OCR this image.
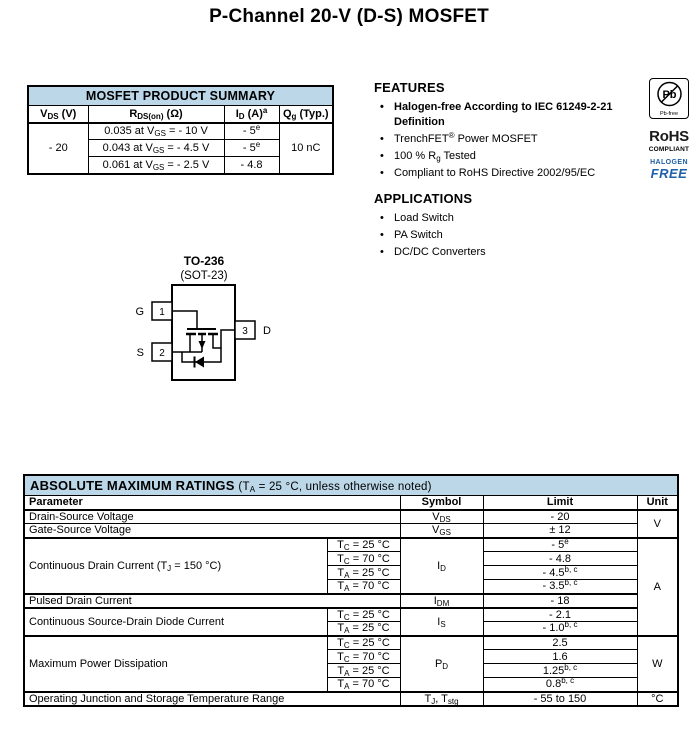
P-Channel 20-V (D-S) MOSFET
MOSFET PRODUCT SUMMARY			
$V_{DS}$ (V)	$R_{DS(on)}$ (Ω)	$I_D$ $(A)^a$	$Q_g$ (Typ.)
- 20	0.035 at $V_{GS}$ = - 10 V	- 5e	10 nC
	0.043 at $V_{GS}$ = - 4.5 V	- 5e
	0.061 at $V_{GS}$ = - 2.5 V	- 4.8	
FEATURES
• Halogen-free According to IEC 61249-2-21 Definition
• TrenchFET® Power MOSFET
• 100 % $R_g$ Tested
• Compliant to RoHS Directive 2002/95/EC
APPLICATIONS
• Load Switch
• PA Switch
• DC/DC Converters
Pb
Pb-free
RoHS
COMPLIANT
HALOGEN
FREE
TO-236
(SOT-23)
1
2
3
G
S
D
ABSOLUTE MAXIMUM RATINGS ($T_A = 25$ °C, unless otherwise noted)				
Parameter		Symbol	Limit	Unit
Drain-Source Voltage		$V_{DS}$	- 20	V
Gate-Source Voltage		$V_{GS}$	± 12	
Continuous Drain Current ($T_J = 150$ °C)	$T_C = 25$ °C	$I_D$	- 5e	A
	$T_C = 70$ °C		- 4.8	
	$T_A = 25$ °C		- 4.5$^{b, c}$
	$T_A = 70$ °C		- 3.5$^{b, c}$
Pulsed Drain Current		$I_{DM}$	- 18	
Continuous Source-Drain Diode Current	$T_C = 25$ °C	$I_S$	- 2.1	
	$T_A = 25$ °C		- 1.0$^{b, c}$
Maximum Power Dissipation	$T_C = 25$ °C	$P_D$	2.5	W
	$T_C = 70$ °C		1.6	
	$T_A = 25$ °C		1.25$^{b, c}$
	$T_A = 70$ °C		0.8$^{b, c}$
Operating Junction and Storage Temperature Range		$T_J$, $T_{stg}$	- 55 to 150	°C
